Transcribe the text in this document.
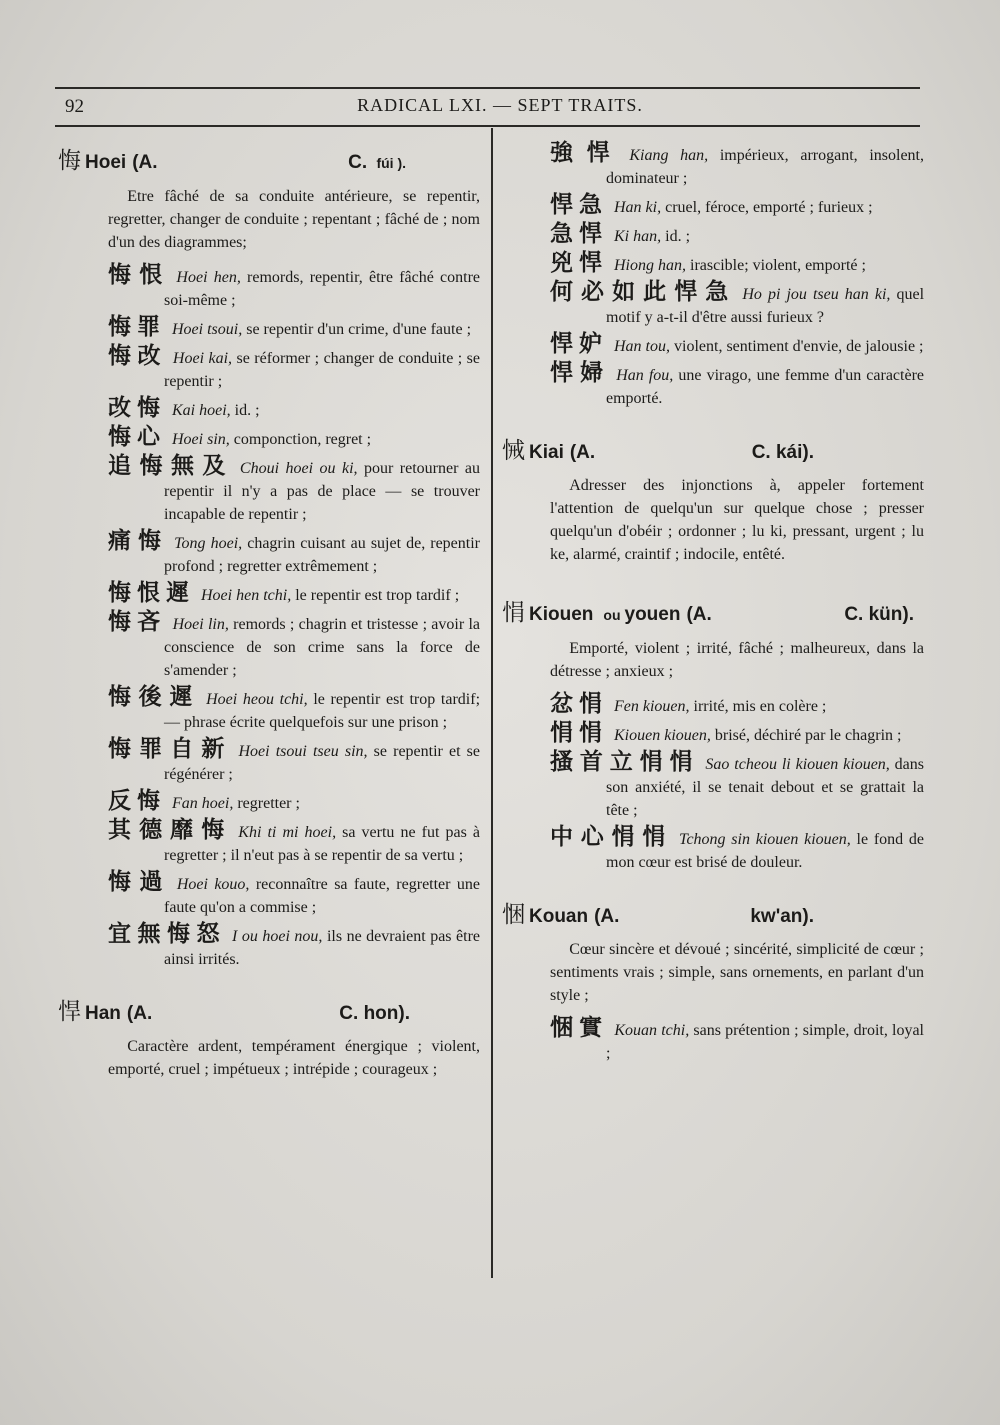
92	RADICAL LXI. — SEPT TRAITS.
悔 Hoei (A.	C. fúi ).
Etre fâché de sa conduite antérieure, se repentir, regretter, changer de conduite ; repentant ; fâché de ; nom d'un des diagrammes;
悔恨 Hoei hen, remords, repentir, être fâché contre soi-même ;
悔罪 Hoei tsoui, se repentir d'un crime, d'une faute ;
悔改 Hoei kai, se réformer ; changer de conduite ; se repentir ;
改悔 Kai hoei, id. ;
悔心 Hoei sin, componction, regret ;
追悔無及 Choui hoei ou ki, pour retourner au repentir il n'y a pas de place — se trouver incapable de repentir ;
痛悔 Tong hoei, chagrin cuisant au sujet de, repentir profond ; regretter extrêmement ;
悔恨遲 Hoei hen tchi, le repentir est trop tardif ;
悔吝 Hoei lin, remords ; chagrin et tristesse ; avoir la conscience de son crime sans la force de s'amender ;
悔後遲 Hoei heou tchi, le repentir est trop tardif; — phrase écrite quelquefois sur une prison ;
悔罪自新 Hoei tsoui tseu sin, se repentir et se régénérer ;
反悔 Fan hoei, regretter ;
其德靡悔 Khi ti mi hoei, sa vertu ne fut pas à regretter ; il n'eut pas à se repentir de sa vertu ;
悔過 Hoei kouo, reconnaître sa faute, regretter une faute qu'on a commise ;
宜無悔怒 I ou hoei nou, ils ne devraient pas être ainsi irrités.
悍 Han (A.	C. hon).
Caractère ardent, tempérament énergique ; violent, emporté, cruel ; impétueux ; intrépide ; courageux ;
強悍 Kiang han, impérieux, arrogant, insolent, dominateur ;
悍急 Han ki, cruel, féroce, emporté ; furieux ;
急悍 Ki han, id. ;
兇悍 Hiong han, irascible; violent, emporté ;
何必如此悍急 Ho pi jou tseu han ki, quel motif y a-t-il d'être aussi furieux ?
悍妒 Han tou, violent, sentiment d'envie, de jalousie ;
悍婦 Han fou, une virago, une femme d'un caractère emporté.
悈 Kiai (A.	C. kái).
Adresser des injonctions à, appeler fortement l'attention de quelqu'un sur quelque chose ; presser quelqu'un d'obéir ; ordonner ; lu ki, pressant, urgent ; lu ke, alarmé, craintif ; indocile, entêté.
悁 Kiouen ou youen (A.	C. kün).
Emporté, violent ; irrité, fâché ; malheureux, dans la détresse ; anxieux ;
忿悁 Fen kiouen, irrité, mis en colère ;
悁悁 Kiouen kiouen, brisé, déchiré par le chagrin ;
搔首立悁悁 Sao tcheou li kiouen kiouen, dans son anxiété, il se tenait debout et se grattait la tête ;
中心悁悁 Tchong sin kiouen kiouen, le fond de mon cœur est brisé de douleur.
悃 Kouan (A.	kw'an).
Cœur sincère et dévoué ; sincérité, simplicité de cœur ; sentiments vrais ; simple, sans ornements, en parlant d'un style ;
悃實 Kouan tchi, sans prétention ; simple, droit, loyal ;
